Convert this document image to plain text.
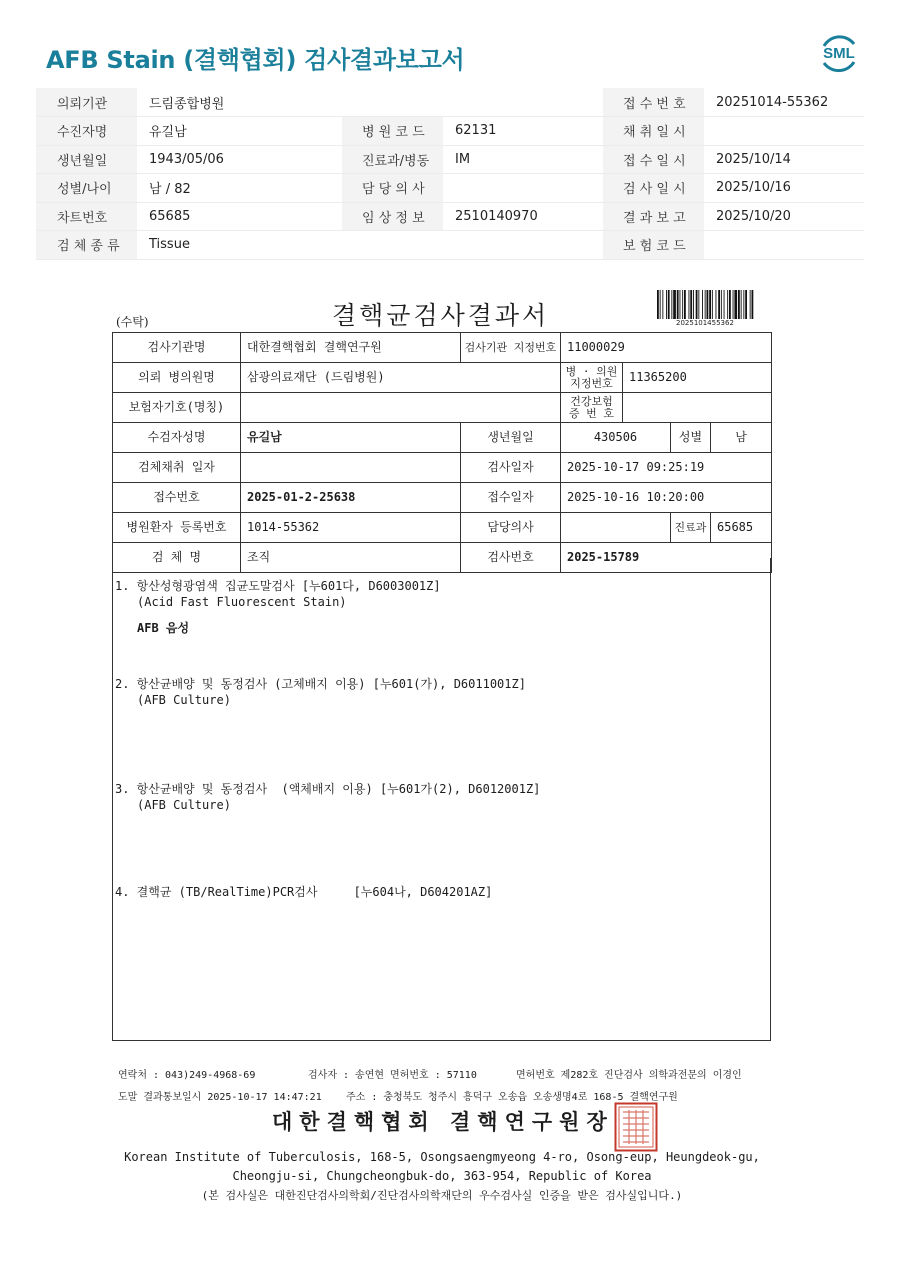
AFB Stain (결핵협회) 검사결과보고서	SML
의뢰기관	드림종합병원			접 수 번 호	20251014-55362
수진자명	유길남	병 원 코 드	62131	채 취 일 시	
생년월일	1943/05/06	진료과/병동	IM	접 수 일 시	2025/10/14
성별/나이	남 / 82	담 당 의 사		검 사 일 시	2025/10/16
차트번호	65685	임 상 정 보	2510140970	결 과 보 고	2025/10/20
검 체 종 류	Tissue			보 험 코 드	
(수탁)	결핵균검사결과서	2025101455362
검사기관명	대한결핵협회 결핵연구원	검사기관 지정번호	11000029			
의뢰 병의원명	삼광의료재단 (드림병원)		병 · 의원 지정번호	11365200		
보험자기호(명칭)			건강보험 증 번 호			
수검자성명	유길남	생년월일	430506		성별	남
검체채취 일자		검사일자	2025-10-17 09:25:19			
접수번호	2025-01-2-25638	접수일자	2025-10-16 10:20:00			
병원환자 등록번호	1014-55362	담당의사			진료과	65685
검 체 명	조직	검사번호	2025-15789			
1. 항산성형광염색 집균도말검사 [누601다, D6003001Z]
(Acid Fast Fluorescent Stain)
AFB 음성
2. 항산균배양 및 동정검사 (고체배지 이용) [누601(가), D6011001Z]
(AFB Culture)
3. 항산균배양 및 동정검사  (액체배지 이용) [누601가(2), D6012001Z]
(AFB Culture)
4. 결핵균 (TB/RealTime)PCR검사     [누604나, D604201AZ]
연락처 : 043)249-4968-69	검사자 : 송연현 면허번호 : 57110	면허번호 제282호 진단검사 의학과전문의 이경인
도말 결과통보일시 2025-10-17 14:47:21 주소 : 충청북도 청주시 흥덕구 오송읍 오송생명4로 168-5 결핵연구원
대한결핵협회 결핵연구원장
Korean Institute of Tuberculosis, 168-5, Osongsaengmyeong 4-ro, Osong-eup, Heungdeok-gu,
Cheongju-si, Chungcheongbuk-do, 363-954, Republic of Korea
(본 검사실은 대한진단검사의학회/진단검사의학재단의 우수검사실 인증을 받은 검사실입니다.)
